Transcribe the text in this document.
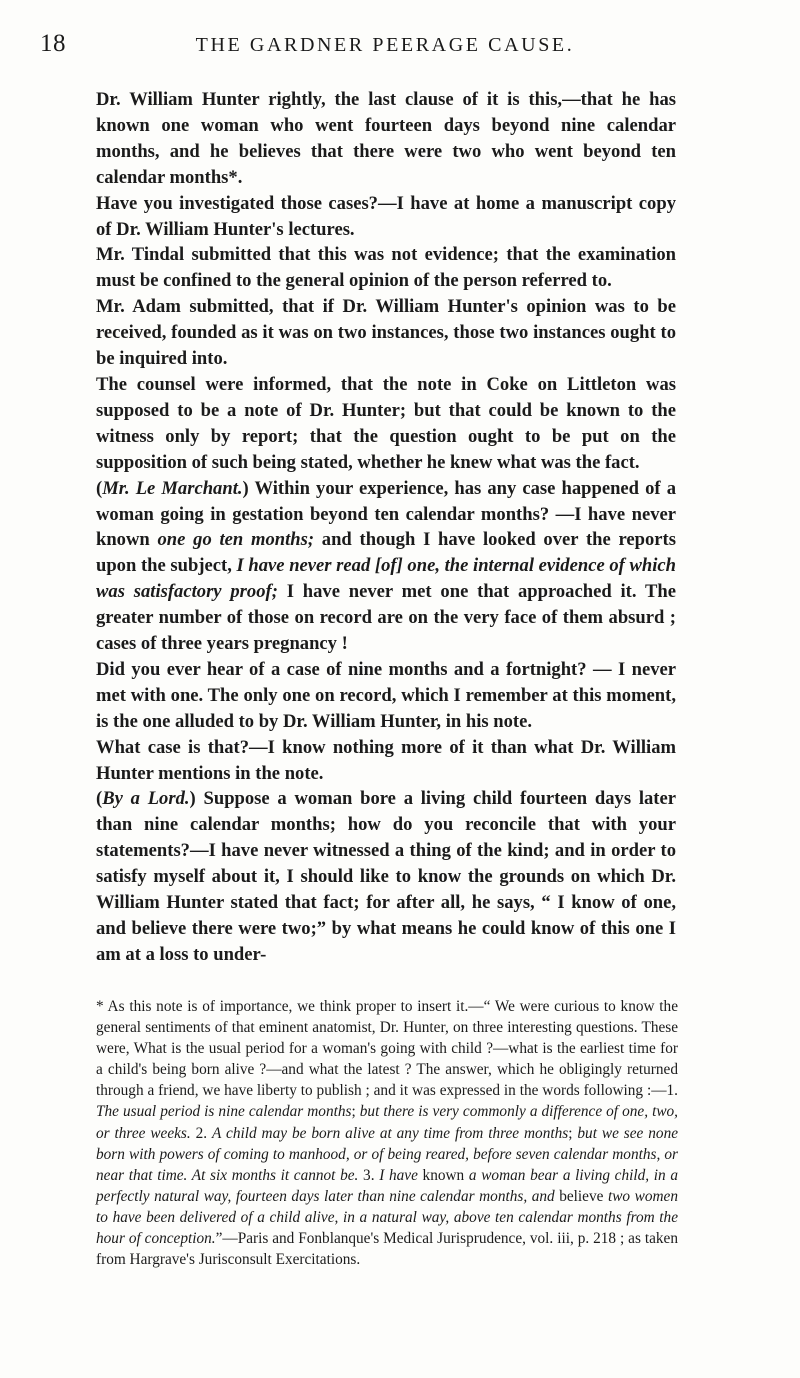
18	THE GARDNER PEERAGE CAUSE.

Dr. William Hunter rightly, the last clause of it is this,—that he has known one woman who went fourteen days beyond nine calendar months, and he believes that there were two who went beyond ten calendar months*.

Have you investigated those cases?—I have at home a manuscript copy of Dr. William Hunter's lectures.

Mr. Tindal submitted that this was not evidence; that the examination must be confined to the general opinion of the person referred to.

Mr. Adam submitted, that if Dr. William Hunter's opinion was to be received, founded as it was on two instances, those two instances ought to be inquired into.

The counsel were informed, that the note in Coke on Littleton was supposed to be a note of Dr. Hunter; but that could be known to the witness only by report; that the question ought to be put on the supposition of such being stated, whether he knew what was the fact.

(Mr. Le Marchant.) Within your experience, has any case happened of a woman going in gestation beyond ten calendar months? —I have never known one go ten months; and though I have looked over the reports upon the subject, I have never read [of] one, the internal evidence of which was satisfactory proof; I have never met one that approached it. The greater number of those on record are on the very face of them absurd ; cases of three years pregnancy !

Did you ever hear of a case of nine months and a fortnight? — I never met with one. The only one on record, which I remember at this moment, is the one alluded to by Dr. William Hunter, in his note.

What case is that?—I know nothing more of it than what Dr. William Hunter mentions in the note.

(By a Lord.) Suppose a woman bore a living child fourteen days later than nine calendar months; how do you reconcile that with your statements?—I have never witnessed a thing of the kind; and in order to satisfy myself about it, I should like to know the grounds on which Dr. William Hunter stated that fact; for after all, he says, “ I know of one, and believe there were two;” by what means he could know of this one I am at a loss to under-

* As this note is of importance, we think proper to insert it.—“ We were curious to know the general sentiments of that eminent anatomist, Dr. Hunter, on three interesting questions. These were, What is the usual period for a woman's going with child ?—what is the earliest time for a child's being born alive ?—and what the latest ? The answer, which he obligingly returned through a friend, we have liberty to publish ; and it was expressed in the words following :—1. The usual period is nine calendar months; but there is very commonly a difference of one, two, or three weeks. 2. A child may be born alive at any time from three months; but we see none born with powers of coming to manhood, or of being reared, before seven calendar months, or near that time. At six months it cannot be. 3. I have known a woman bear a living child, in a perfectly natural way, fourteen days later than nine calendar months, and believe two women to have been delivered of a child alive, in a natural way, above ten calendar months from the hour of conception.”—Paris and Fonblanque's Medical Jurisprudence, vol. iii, p. 218 ; as taken from Hargrave's Jurisconsult Exercitations.
